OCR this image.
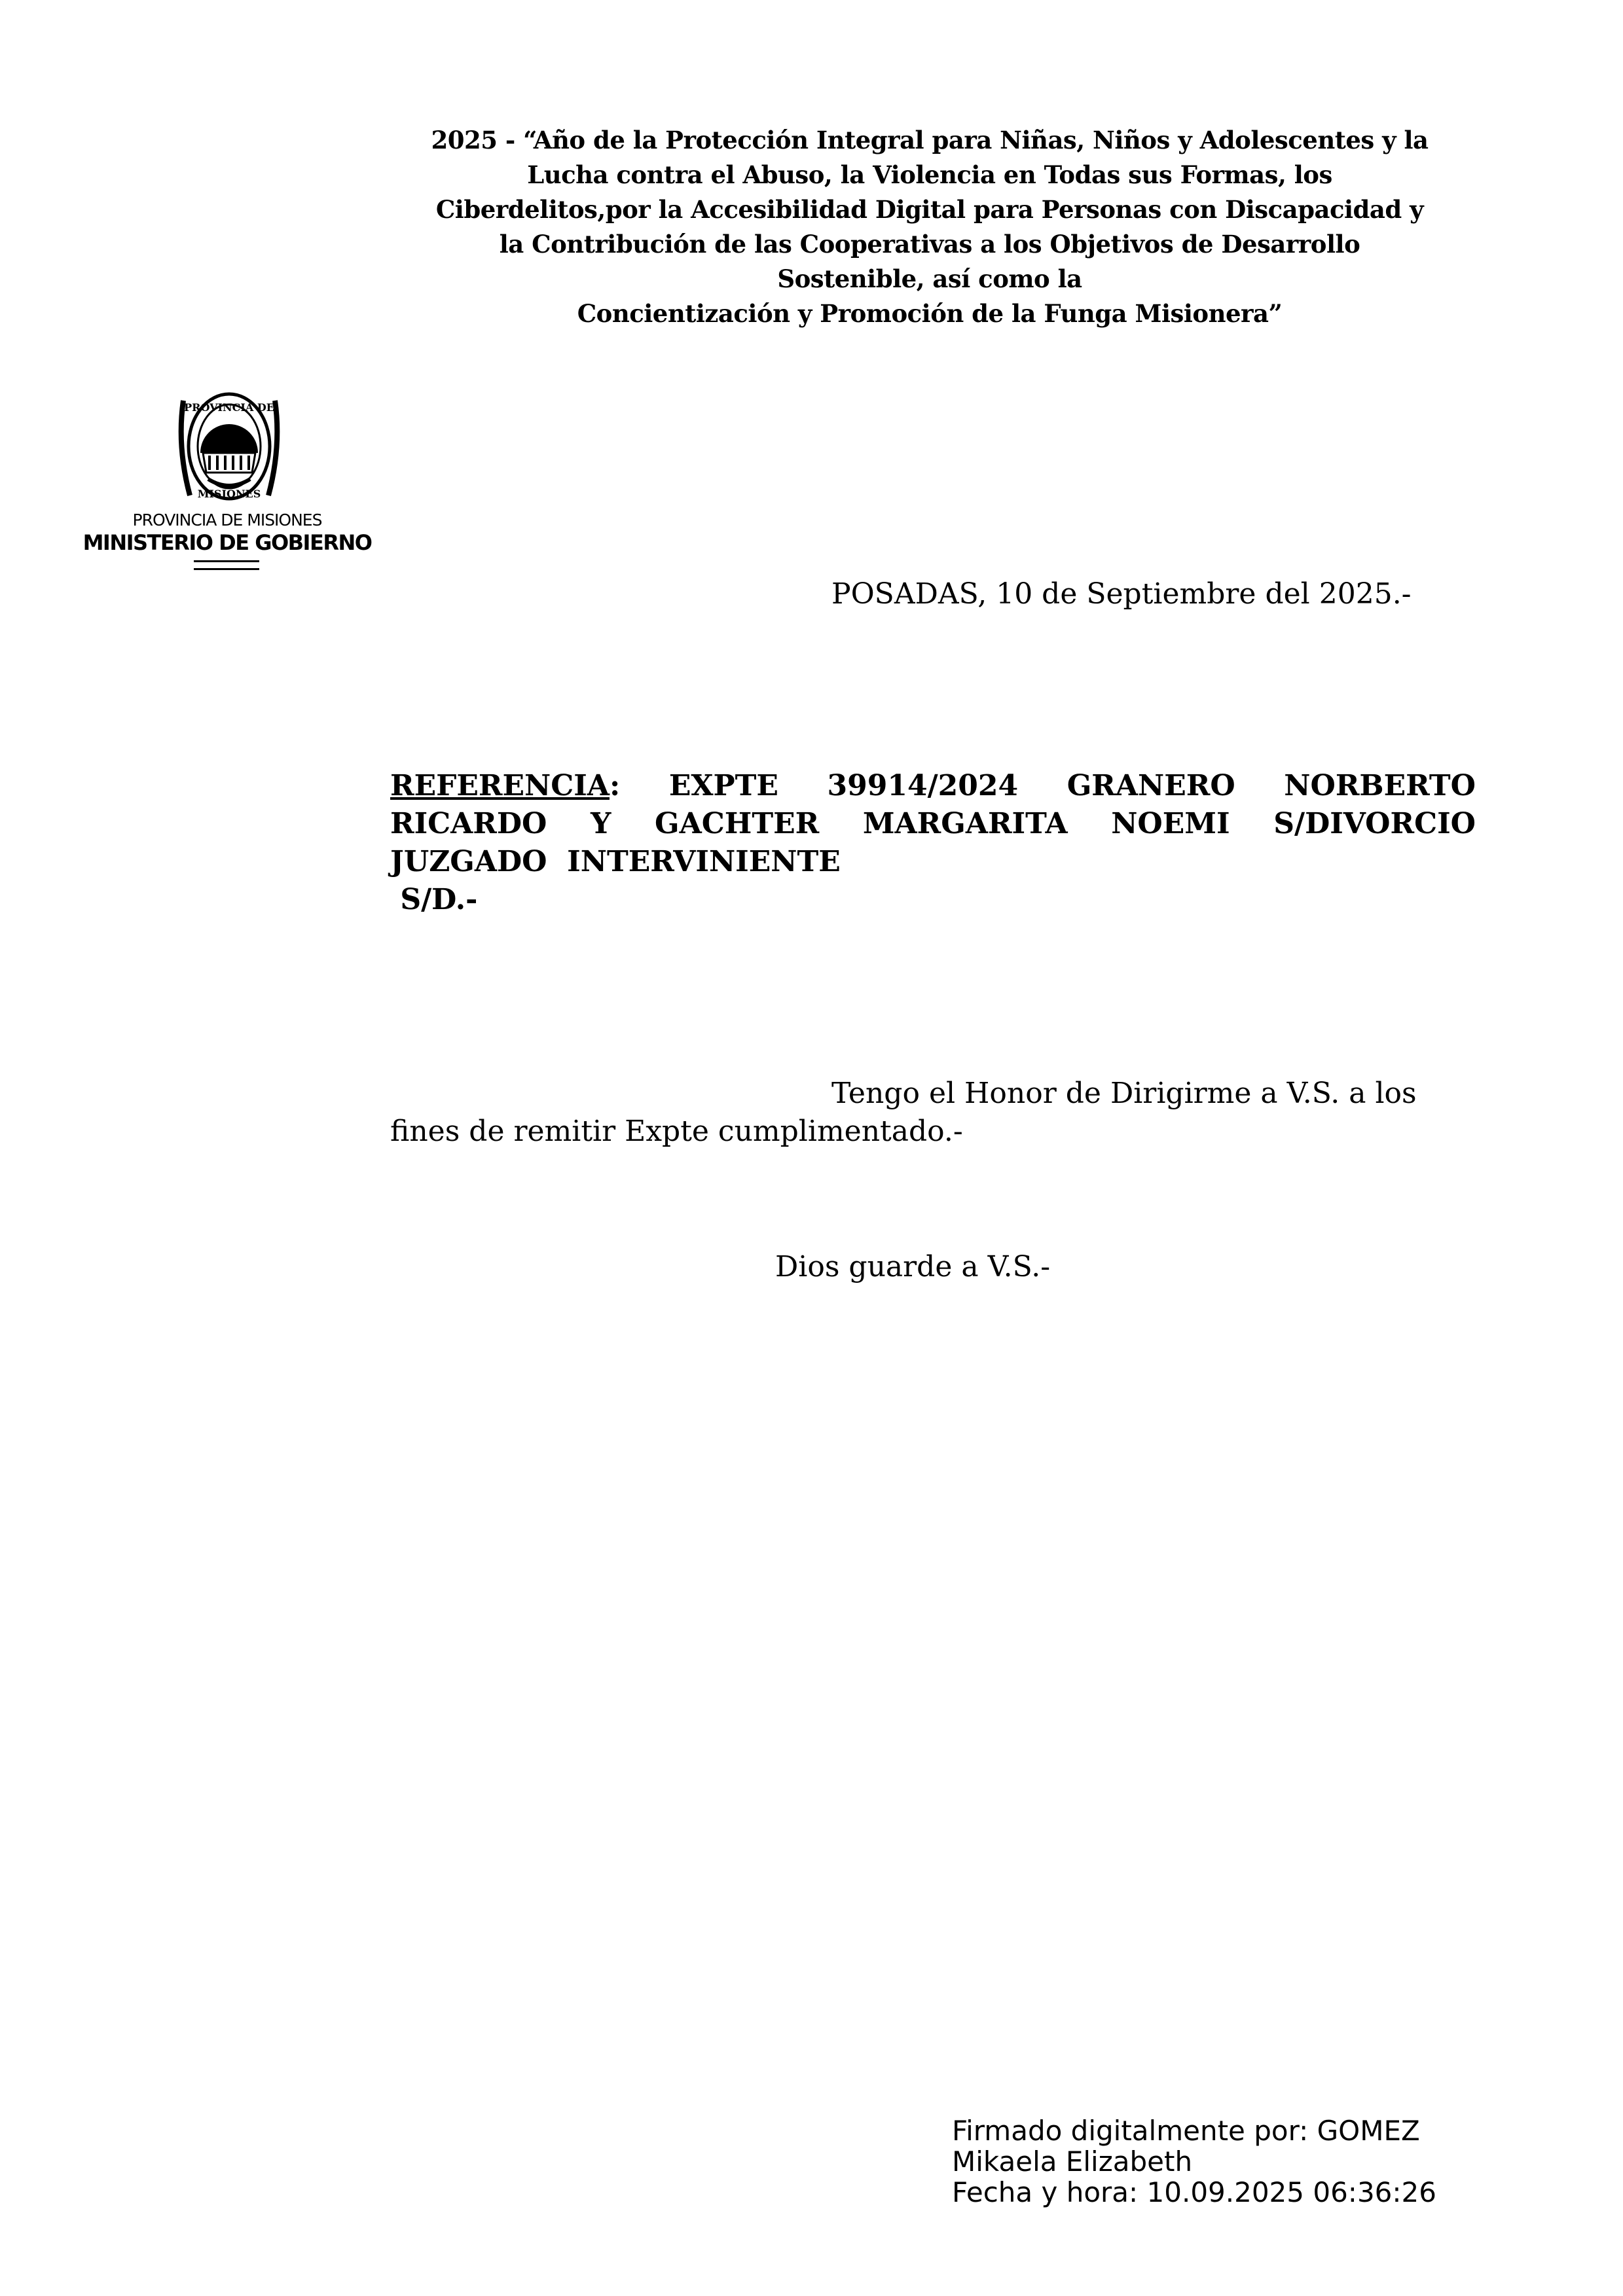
2025 - “Año de la Protección Integral para Niñas, Niños y Adolescentes y la
Lucha contra el Abuso, la Violencia en Todas sus Formas, los
Ciberdelitos,por la Accesibilidad Digital para Personas con Discapacidad y
la Contribución de las Cooperativas a los Objetivos de Desarrollo
Sostenible, así como la
Concientización y Promoción de la Funga Misionera”
PROVINCIA DE
MISIONES
PROVINCIA DE MISIONES
MINISTERIO DE GOBIERNO
POSADAS, 10 de Septiembre del 2025.-
REFERENCIA: EXPTE 39914/2024 GRANERO NORBERTO
RICARDO Y GACHTER MARGARITA NOEMI S/DIVORCIO
JUZGADO  INTERVINIENTE
S/D.-
Tengo el Honor de Dirigirme a V.S. a los
fines de remitir Expte cumplimentado.-
Dios guarde a V.S.-
Firmado digitalmente por: GOMEZ
Mikaela Elizabeth
Fecha y hora: 10.09.2025 06:36:26
